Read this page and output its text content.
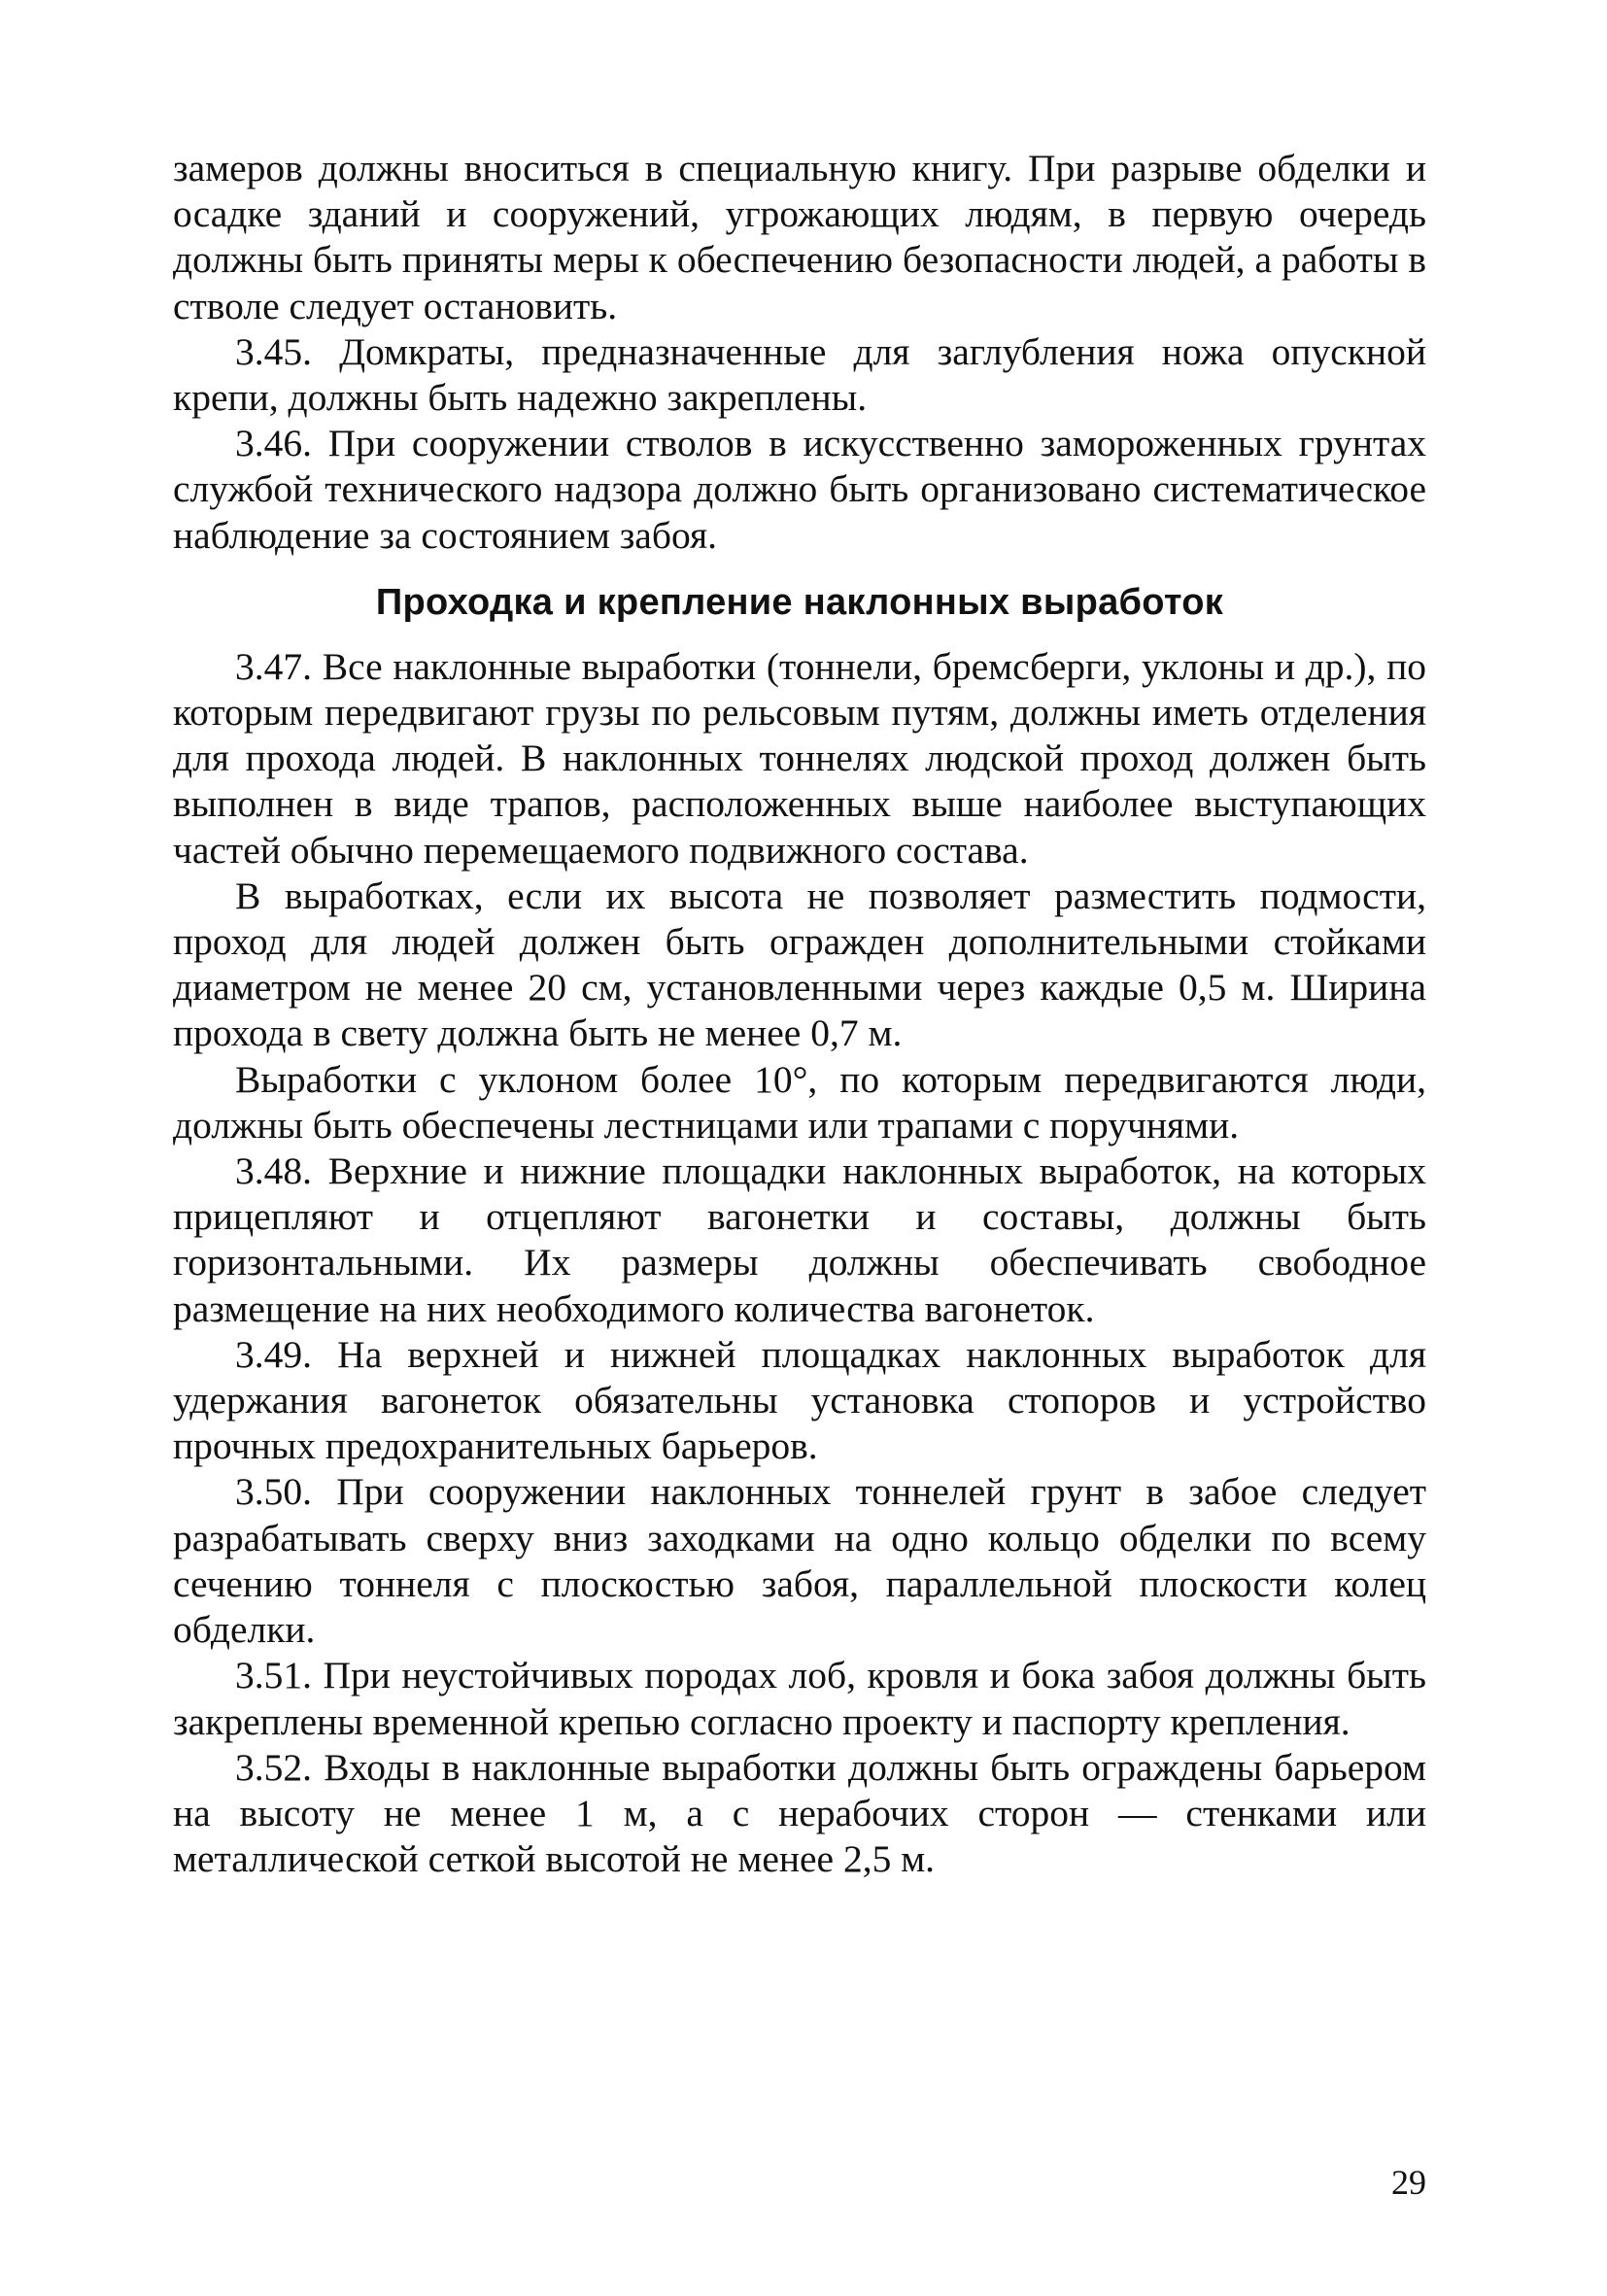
замеров должны вноситься в специальную книгу. При разрыве обделки и осадке зданий и сооружений, угрожающих людям, в первую очередь должны быть приняты меры к обеспечению безопасности людей, а работы в стволе следует остановить.

3.45. Домкраты, предназначенные для заглубления ножа опускной крепи, должны быть надежно закреплены.

3.46. При сооружении стволов в искусственно замороженных грунтах службой технического надзора должно быть организовано систематическое наблюдение за состоянием забоя.

Проходка и крепление наклонных выработок

3.47. Все наклонные выработки (тоннели, бремсберги, уклоны и др.), по которым передвигают грузы по рельсовым путям, должны иметь отделения для прохода людей. В наклонных тоннелях людской проход должен быть выполнен в виде трапов, расположенных выше наиболее выступающих частей обычно перемещаемого подвижного состава.

В выработках, если их высота не позволяет разместить подмости, проход для людей должен быть огражден дополнительными стойками диаметром не менее 20 см, установленными через каждые 0,5 м. Ширина прохода в свету должна быть не менее 0,7 м.

Выработки с уклоном более 10°, по которым передвигаются люди, должны быть обеспечены лестницами или трапами с поручнями.

3.48. Верхние и нижние площадки наклонных выработок, на которых прицепляют и отцепляют вагонетки и составы, должны быть горизонтальными. Их размеры должны обеспечивать свободное размещение на них необходимого количества вагонеток.

3.49. На верхней и нижней площадках наклонных выработок для удержания вагонеток обязательны установка стопоров и устройство прочных предохранительных барьеров.

3.50. При сооружении наклонных тоннелей грунт в забое следует разрабатывать сверху вниз заходками на одно кольцо обделки по всему сечению тоннеля с плоскостью забоя, параллельной плоскости колец обделки.

3.51. При неустойчивых породах лоб, кровля и бока забоя должны быть закреплены временной крепью согласно проекту и паспорту крепления.

3.52. Входы в наклонные выработки должны быть ограждены барьером на высоту не менее 1 м, а с нерабочих сторон — стенками или металлической сеткой высотой не менее 2,5 м.

29
